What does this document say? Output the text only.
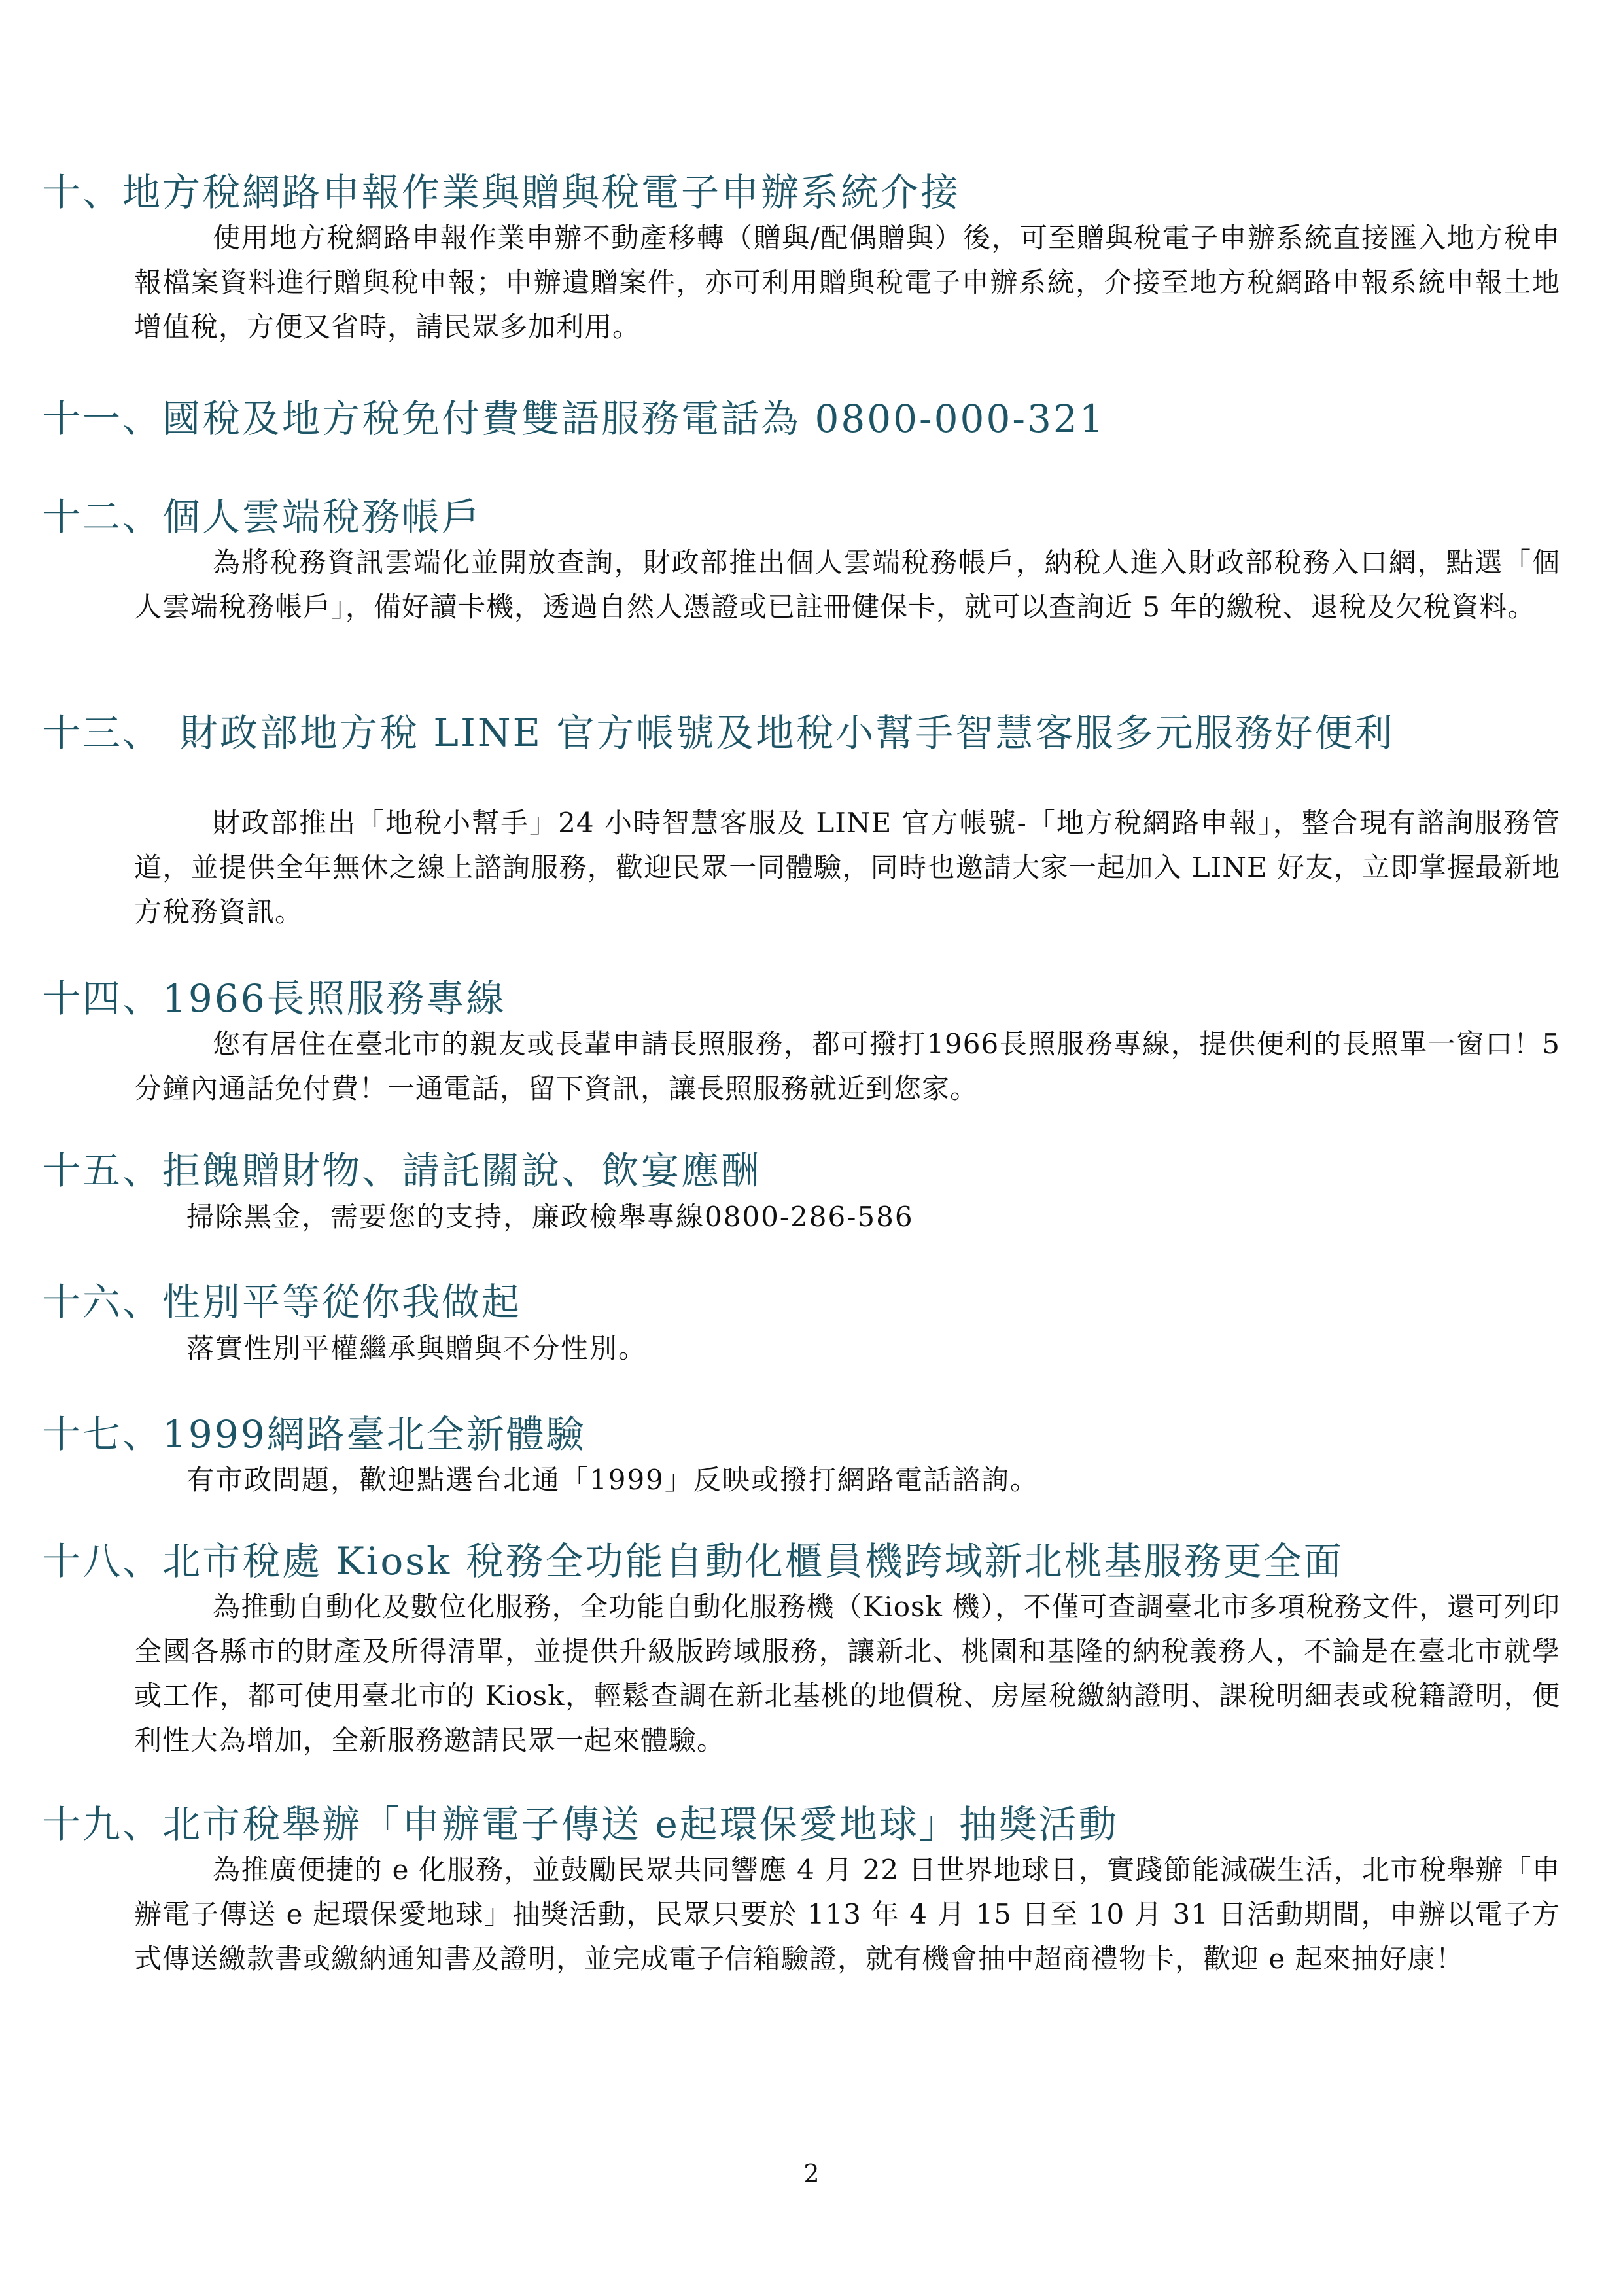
十、地方稅網路申報作業與贈與稅電子申辦系統介接

使用地方稅網路申報作業申辦不動產移轉（贈與/配偶贈與）後，可至贈與稅電子申辦系統直接匯入地方稅申報檔案資料進行贈與稅申報；申辦遺贈案件，亦可利用贈與稅電子申辦系統，介接至地方稅網路申報系統申報土地增值稅，方便又省時，請民眾多加利用。

十一、國稅及地方稅免付費雙語服務電話為 0800-000-321
十二、個人雲端稅務帳戶

為將稅務資訊雲端化並開放查詢，財政部推出個人雲端稅務帳戶，納稅人進入財政部稅務入口網，點選「個人雲端稅務帳戶」，備好讀卡機，透過自然人憑證或已註冊健保卡，就可以查詢近 5 年的繳稅、退稅及欠稅資料。

十三、 財政部地方稅 LINE 官方帳號及地稅小幫手智慧客服多元服務好便利

財政部推出「地稅小幫手」24 小時智慧客服及 LINE 官方帳號-「地方稅網路申報」，整合現有諮詢服務管道，並提供全年無休之線上諮詢服務，歡迎民眾一同體驗，同時也邀請大家一起加入 LINE 好友，立即掌握最新地方稅務資訊。

十四、1966長照服務專線

您有居住在臺北市的親友或長輩申請長照服務，都可撥打1966長照服務專線，提供便利的長照單一窗口！5分鐘內通話免付費！一通電話，留下資訊，讓長照服務就近到您家。

十五、拒餽贈財物、請託關說、飲宴應酬

掃除黑金，需要您的支持，廉政檢舉專線0800-286-586

十六、性別平等從你我做起

落實性別平權繼承與贈與不分性別。

十七、1999網路臺北全新體驗

有市政問題，歡迎點選台北通「1999」反映或撥打網路電話諮詢。

十八、北市稅處 Kiosk 稅務全功能自動化櫃員機跨域新北桃基服務更全面

為推動自動化及數位化服務，全功能自動化服務機（Kiosk 機），不僅可查調臺北市多項稅務文件，還可列印全國各縣市的財產及所得清單，並提供升級版跨域服務，讓新北、桃園和基隆的納稅義務人，不論是在臺北市就學或工作，都可使用臺北市的 Kiosk，輕鬆查調在新北基桃的地價稅、房屋稅繳納證明、課稅明細表或稅籍證明，便利性大為增加，全新服務邀請民眾一起來體驗。

十九、北市稅舉辦「申辦電子傳送 e起環保愛地球」抽獎活動

為推廣便捷的 e 化服務，並鼓勵民眾共同響應 4 月 22 日世界地球日，實踐節能減碳生活，北市稅舉辦「申辦電子傳送 e 起環保愛地球」抽獎活動，民眾只要於 113 年 4 月 15 日至 10 月 31 日活動期間，申辦以電子方式傳送繳款書或繳納通知書及證明，並完成電子信箱驗證，就有機會抽中超商禮物卡，歡迎 e 起來抽好康！

2
